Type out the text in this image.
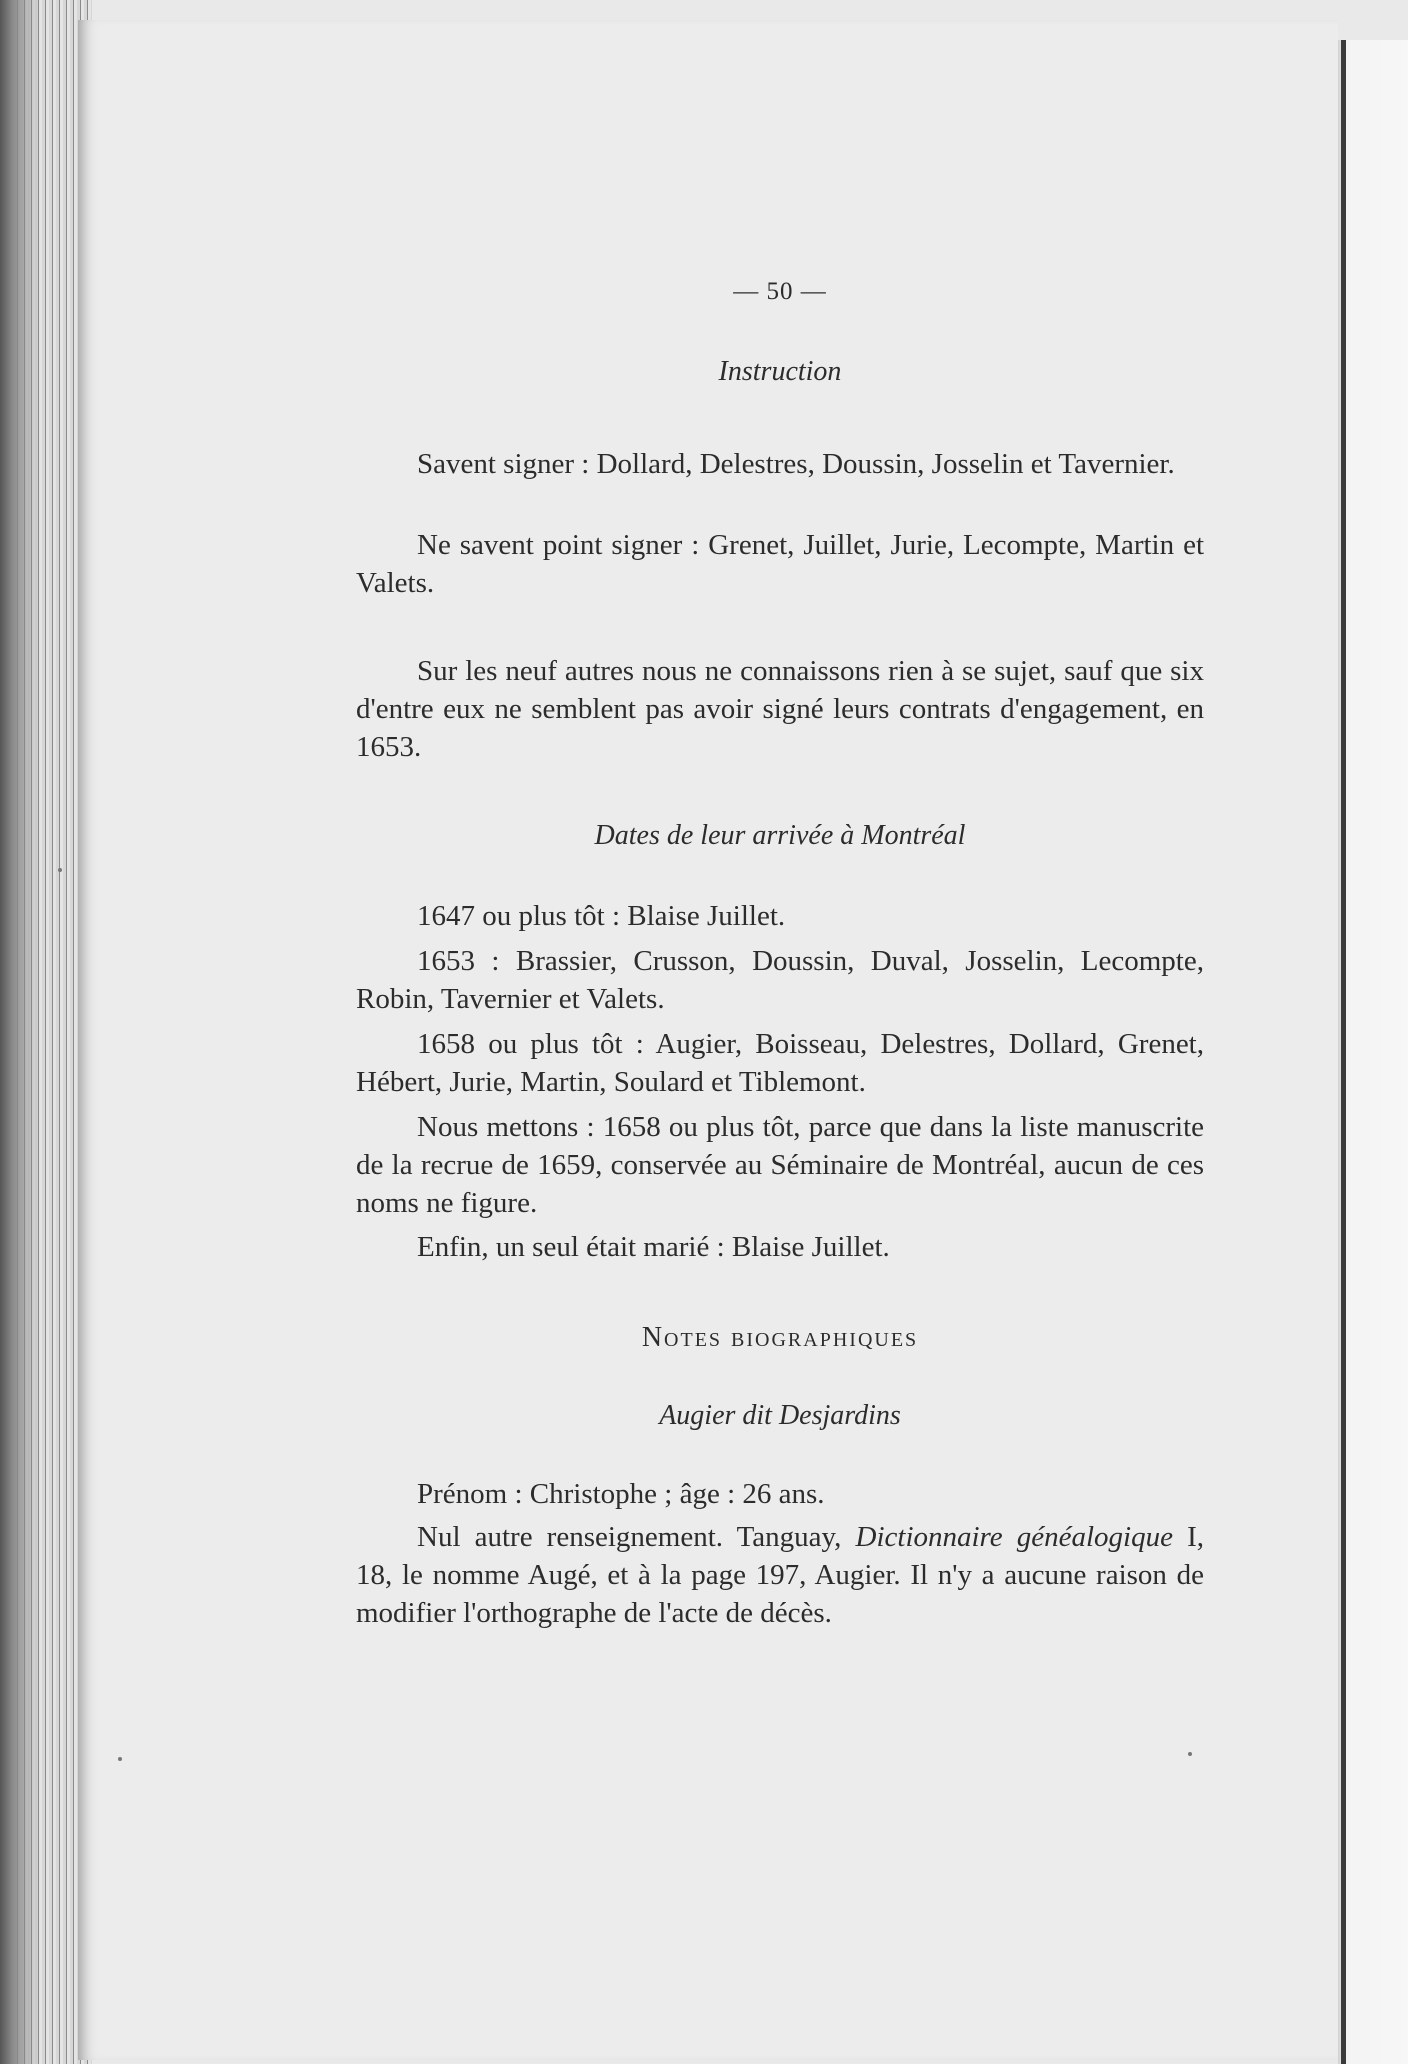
— 50 —
Instruction

Savent signer : Dollard, Delestres, Doussin, Josselin et Tavernier.

Ne savent point signer : Grenet, Juillet, Jurie, Lecompte, Martin et Valets.

Sur les neuf autres nous ne connaissons rien à se sujet, sauf que six d'entre eux ne semblent pas avoir signé leurs contrats d'engagement, en 1653.

Dates de leur arrivée à Montréal

1647 ou plus tôt : Blaise Juillet.

1653 : Brassier, Crusson, Doussin, Duval, Josselin, Lecompte, Robin, Tavernier et Valets.

1658 ou plus tôt : Augier, Boisseau, Delestres, Dollard, Grenet, Hébert, Jurie, Martin, Soulard et Tiblemont.

Nous mettons : 1658 ou plus tôt, parce que dans la liste manuscrite de la recrue de 1659, conservée au Séminaire de Montréal, aucun de ces noms ne figure.

Enfin, un seul était marié : Blaise Juillet.

Notes biographiques
Augier dit Desjardins

Prénom : Christophe ; âge : 26 ans.

Nul autre renseignement. Tanguay, Dictionnaire généalogique I, 18, le nomme Augé, et à la page 197, Augier. Il n'y a aucune raison de modifier l'orthographe de l'acte de décès.
